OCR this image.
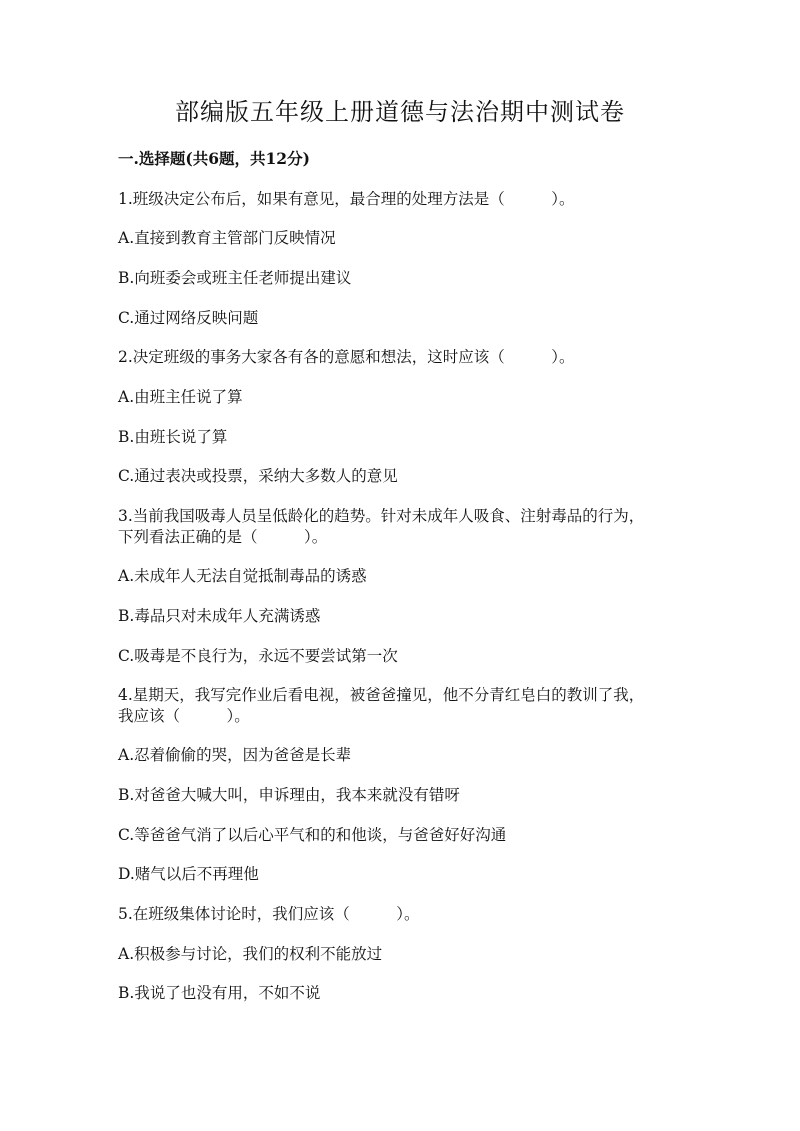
部编版五年级上册道德与法治期中测试卷
一.选择题(共6题，共12分)
1.班级决定公布后，如果有意见，最合理的处理方法是（　　　）。
A.直接到教育主管部门反映情况
B.向班委会或班主任老师提出建议
C.通过网络反映问题
2.决定班级的事务大家各有各的意愿和想法，这时应该（　　　）。
A.由班主任说了算
B.由班长说了算
C.通过表决或投票，采纳大多数人的意见
3.当前我国吸毒人员呈低龄化的趋势。针对未成年人吸食、注射毒品的行为，
下列看法正确的是（　　　）。
A.未成年人无法自觉抵制毒品的诱惑
B.毒品只对未成年人充满诱惑
C.吸毒是不良行为，永远不要尝试第一次
4.星期天，我写完作业后看电视，被爸爸撞见，他不分青红皂白的教训了我，
我应该（　　　）。
A.忍着偷偷的哭，因为爸爸是长辈
B.对爸爸大喊大叫，申诉理由，我本来就没有错呀
C.等爸爸气消了以后心平气和的和他谈，与爸爸好好沟通
D.赌气以后不再理他
5.在班级集体讨论时，我们应该（　　　）。
A.积极参与讨论，我们的权利不能放过
B.我说了也没有用，不如不说
